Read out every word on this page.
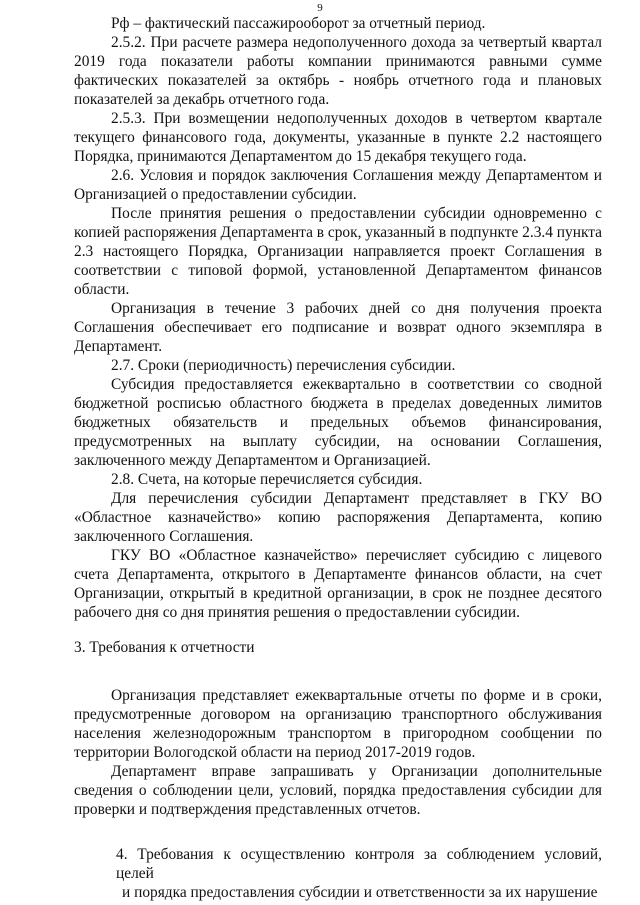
9

Рф – фактический пассажирооборот за отчетный период.

2.5.2. При расчете размера недополученного дохода за четвертый квартал 2019 года показатели работы компании принимаются равными сумме фактических показателей за октябрь - ноябрь отчетного года и плановых показателей за декабрь отчетного года.

2.5.3. При возмещении недополученных доходов в четвертом квартале текущего финансового года, документы, указанные в пункте 2.2 настоящего Порядка, принимаются Департаментом до 15 декабря текущего года.

2.6. Условия и порядок заключения Соглашения между Департаментом и Организацией о предоставлении субсидии.

После принятия решения о предоставлении субсидии одновременно с копией распоряжения Департамента в срок, указанный в подпункте 2.3.4 пункта 2.3 настоящего Порядка, Организации направляется проект Соглашения в соответствии с типовой формой, установленной Департаментом финансов области.

Организация в течение 3 рабочих дней со дня получения проекта Соглашения обеспечивает его подписание и возврат одного экземпляра в Департамент.

2.7. Сроки (периодичность) перечисления субсидии.

Субсидия предоставляется ежеквартально в соответствии со сводной бюджетной росписью областного бюджета в пределах доведенных лимитов бюджетных обязательств и предельных объемов финансирования, предусмотренных на выплату субсидии, на основании Соглашения, заключенного между Департаментом и Организацией.

2.8. Счета, на которые перечисляется субсидия.

Для перечисления субсидии Департамент представляет в ГКУ ВО «Областное казначейство» копию распоряжения Департамента, копию заключенного Соглашения.

ГКУ ВО «Областное казначейство» перечисляет субсидию с лицевого счета Департамента, открытого в Департаменте финансов области, на счет Организации, открытый в кредитной организации, в срок не позднее десятого рабочего дня со дня принятия решения о предоставлении субсидии.

3. Требования к отчетности

Организация представляет ежеквартальные отчеты по форме и в сроки, предусмотренные договором на организацию транспортного обслуживания населения железнодорожным транспортом в пригородном сообщении по территории Вологодской области на период 2017-2019 годов.

Департамент вправе запрашивать у Организации дополнительные сведения о соблюдении цели, условий, порядка предоставления субсидии для проверки и подтверждения представленных отчетов.

4. Требования к осуществлению контроля за соблюдением условий, целей
и порядка предоставления субсидии и ответственности за их нарушение
